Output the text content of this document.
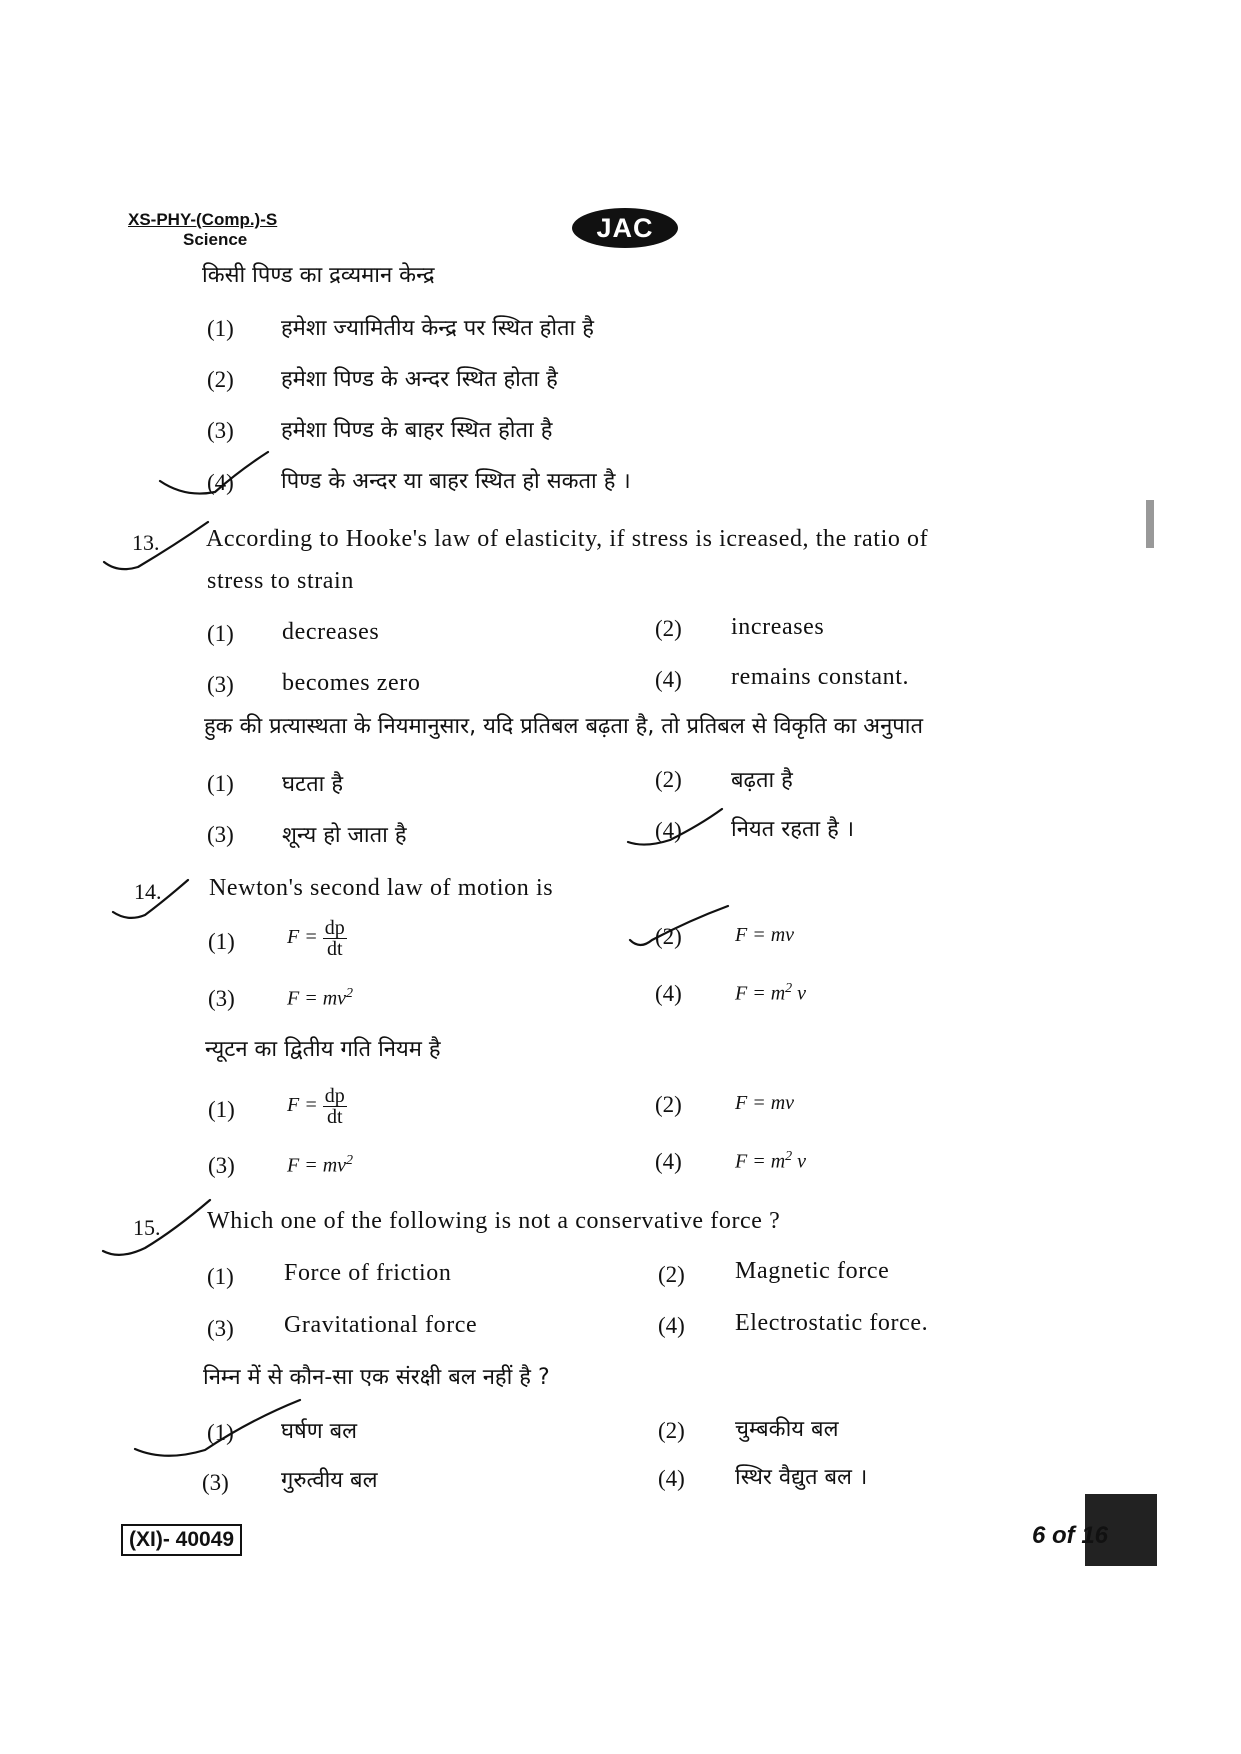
XS-PHY-(Comp.)-S
Science	JAC
किसी पिण्ड का द्रव्यमान केन्द्र
(1) हमेशा ज्यामितीय केन्द्र पर स्थित होता है
(2) हमेशा पिण्ड के अन्दर स्थित होता है
(3) हमेशा पिण्ड के बाहर स्थित होता है
(4) पिण्ड के अन्दर या बाहर स्थित हो सकता है ।
13. According to Hooke's law of elasticity, if stress is icreased, the ratio of
stress to strain
(1) decreases	(2) increases
(3) becomes zero	(4) remains constant.
हुक की प्रत्यास्थता के नियमानुसार, यदि प्रतिबल बढ़ता है, तो प्रतिबल से विकृति का अनुपात
(1) घटता है	(2) बढ़ता है
(3) शून्य हो जाता है	(4) नियत रहता है ।
14. Newton's second law of motion is
(1)	$F = \frac{dp}{dt}$	(2)	F = mv
(3)	$F = mv^2$	(4)	$F = m^2$ v
न्यूटन का द्वितीय गति नियम है
(1)	$F = \frac{dp}{dt}$	(2)	F = mv
(3)	$F = mv^2$	(4)	$F = m^2$ v
15. Which one of the following is not a conservative force ?
(1) Force of friction	(2) Magnetic force
(3) Gravitational force	(4) Electrostatic force.
निम्न में से कौन-सा एक संरक्षी बल नहीं है ?
(1) घर्षण बल	(2) चुम्बकीय बल
(3) गुरुत्वीय बल	(4) स्थिर वैद्युत बल ।
(XI)- 40049	6 of 16
